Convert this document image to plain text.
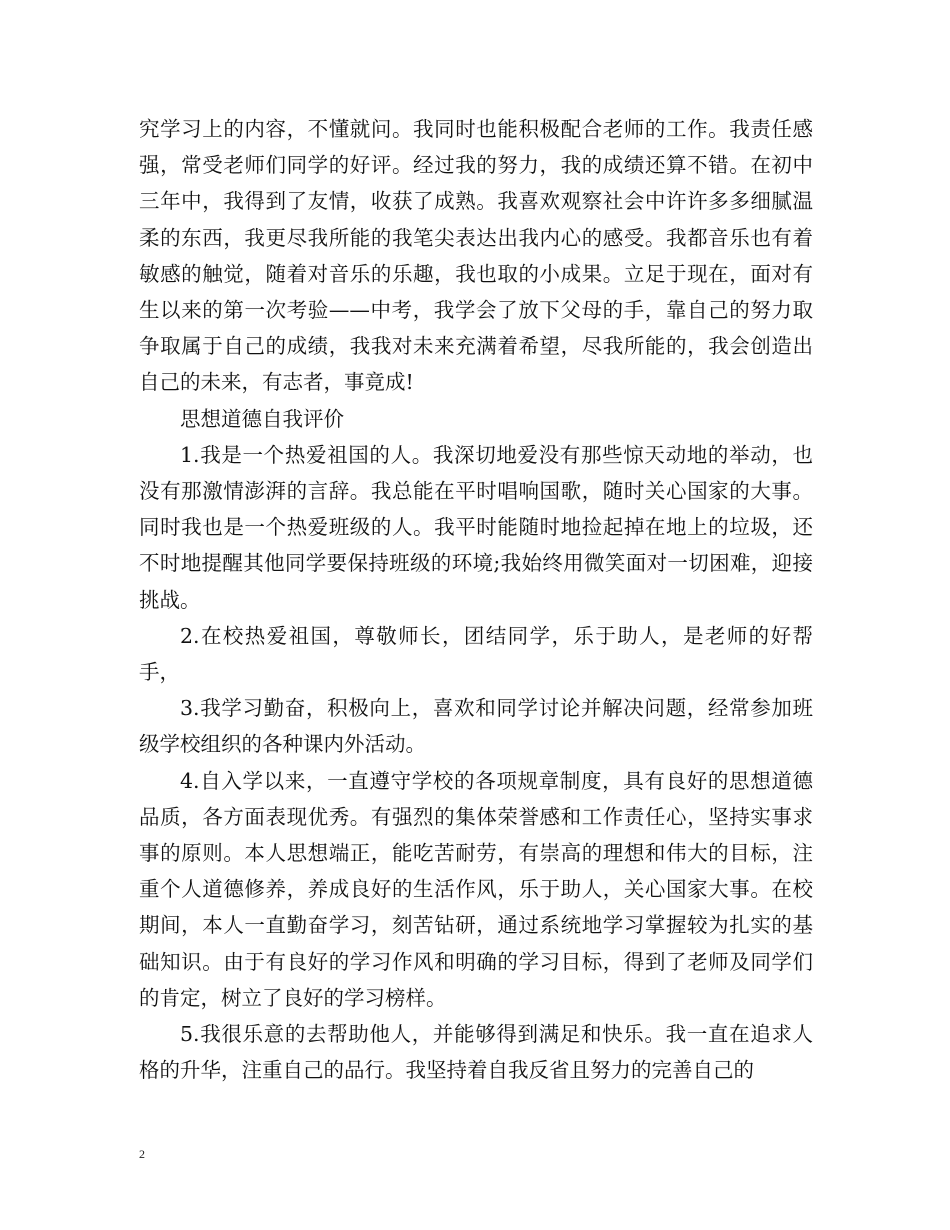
究学习上的内容，不懂就问。我同时也能积极配合老师的工作。我责任感强，常受老师们同学的好评。经过我的努力，我的成绩还算不错。在初中三年中，我得到了友情，收获了成熟。我喜欢观察社会中许许多多细腻温柔的东西，我更尽我所能的我笔尖表达出我内心的感受。我都音乐也有着敏感的触觉，随着对音乐的乐趣，我也取的小成果。立足于现在，面对有生以来的第一次考验——中考，我学会了放下父母的手，靠自己的努力取争取属于自己的成绩，我我对未来充满着希望，尽我所能的，我会创造出自己的未来，有志者，事竟成!

思想道德自我评价

1.我是一个热爱祖国的人。我深切地爱没有那些惊天动地的举动，也没有那激情澎湃的言辞。我总能在平时唱响国歌，随时关心国家的大事。同时我也是一个热爱班级的人。我平时能随时地捡起掉在地上的垃圾，还不时地提醒其他同学要保持班级的环境;我始终用微笑面对一切困难，迎接挑战。

2.在校热爱祖国，尊敬师长，团结同学，乐于助人，是老师的好帮手，

3.我学习勤奋，积极向上，喜欢和同学讨论并解决问题，经常参加班级学校组织的各种课内外活动。

4.自入学以来，一直遵守学校的各项规章制度，具有良好的思想道德品质，各方面表现优秀。有强烈的集体荣誉感和工作责任心，坚持实事求事的原则。本人思想端正，能吃苦耐劳，有崇高的理想和伟大的目标，注重个人道德修养，养成良好的生活作风，乐于助人，关心国家大事。在校期间，本人一直勤奋学习，刻苦钻研，通过系统地学习掌握较为扎实的基础知识。由于有良好的学习作风和明确的学习目标，得到了老师及同学们的肯定，树立了良好的学习榜样。

5.我很乐意的去帮助他人，并能够得到满足和快乐。我一直在追求人格的升华，注重自己的品行。我坚持着自我反省且努力的完善自己的

2
